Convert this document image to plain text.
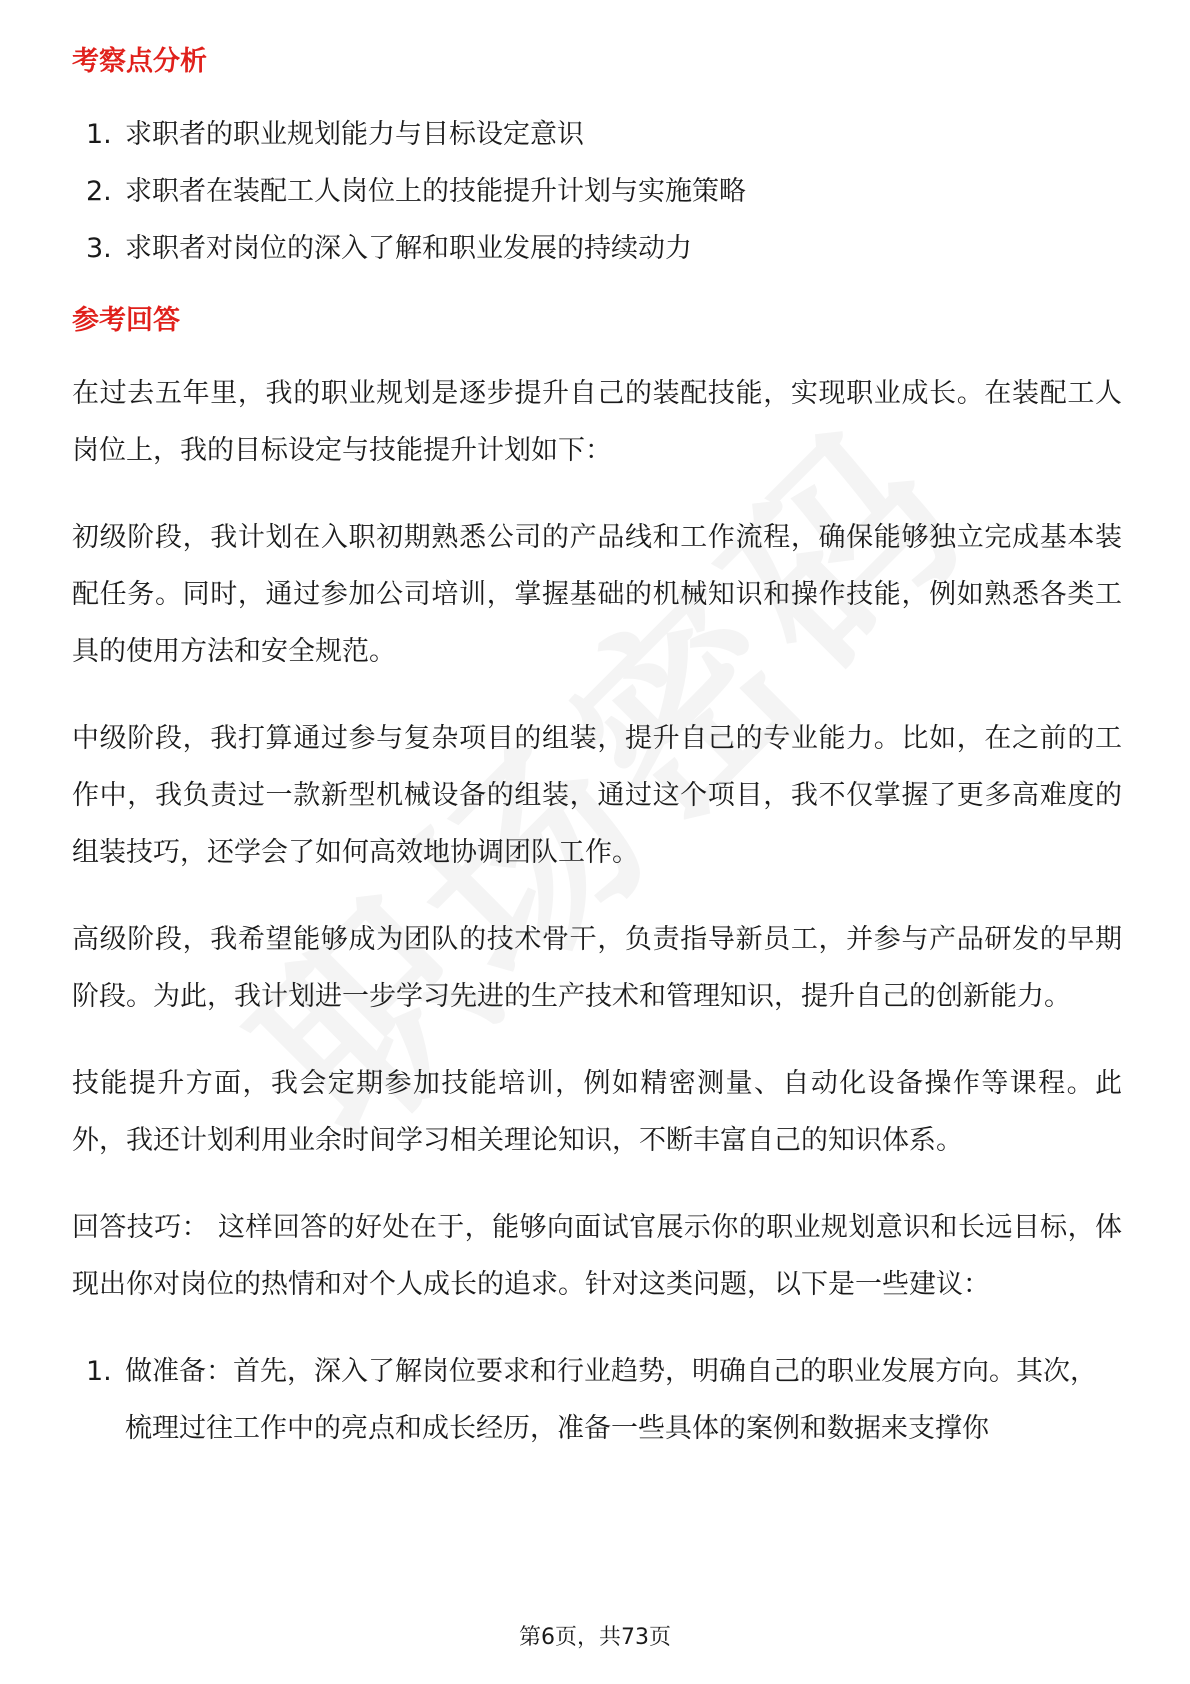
考察点分析
1. 求职者的职业规划能力与目标设定意识
2. 求职者在装配工人岗位上的技能提升计划与实施策略
3. 求职者对岗位的深入了解和职业发展的持续动力
参考回答

在过去五年里，我的职业规划是逐步提升自己的装配技能，实现职业成长。在装配工人岗位上，我的目标设定与技能提升计划如下：

初级阶段，我计划在入职初期熟悉公司的产品线和工作流程，确保能够独立完成基本装配任务。同时，通过参加公司培训，掌握基础的机械知识和操作技能，例如熟悉各类工具的使用方法和安全规范。

中级阶段，我打算通过参与复杂项目的组装，提升自己的专业能力。比如，在之前的工作中，我负责过一款新型机械设备的组装，通过这个项目，我不仅掌握了更多高难度的组装技巧，还学会了如何高效地协调团队工作。

高级阶段，我希望能够成为团队的技术骨干，负责指导新员工，并参与产品研发的早期阶段。为此，我计划进一步学习先进的生产技术和管理知识，提升自己的创新能力。

技能提升方面，我会定期参加技能培训，例如精密测量、自动化设备操作等课程。此外，我还计划利用业余时间学习相关理论知识，不断丰富自己的知识体系。

回答技巧： 这样回答的好处在于，能够向面试官展示你的职业规划意识和长远目标，体现出你对岗位的热情和对个人成长的追求。针对这类问题，以下是一些建议：

1. 做准备：首先，深入了解岗位要求和行业趋势，明确自己的职业发展方向。其次，梳理过往工作中的亮点和成长经历，准备一些具体的案例和数据来支撑你
第6页，共73页
